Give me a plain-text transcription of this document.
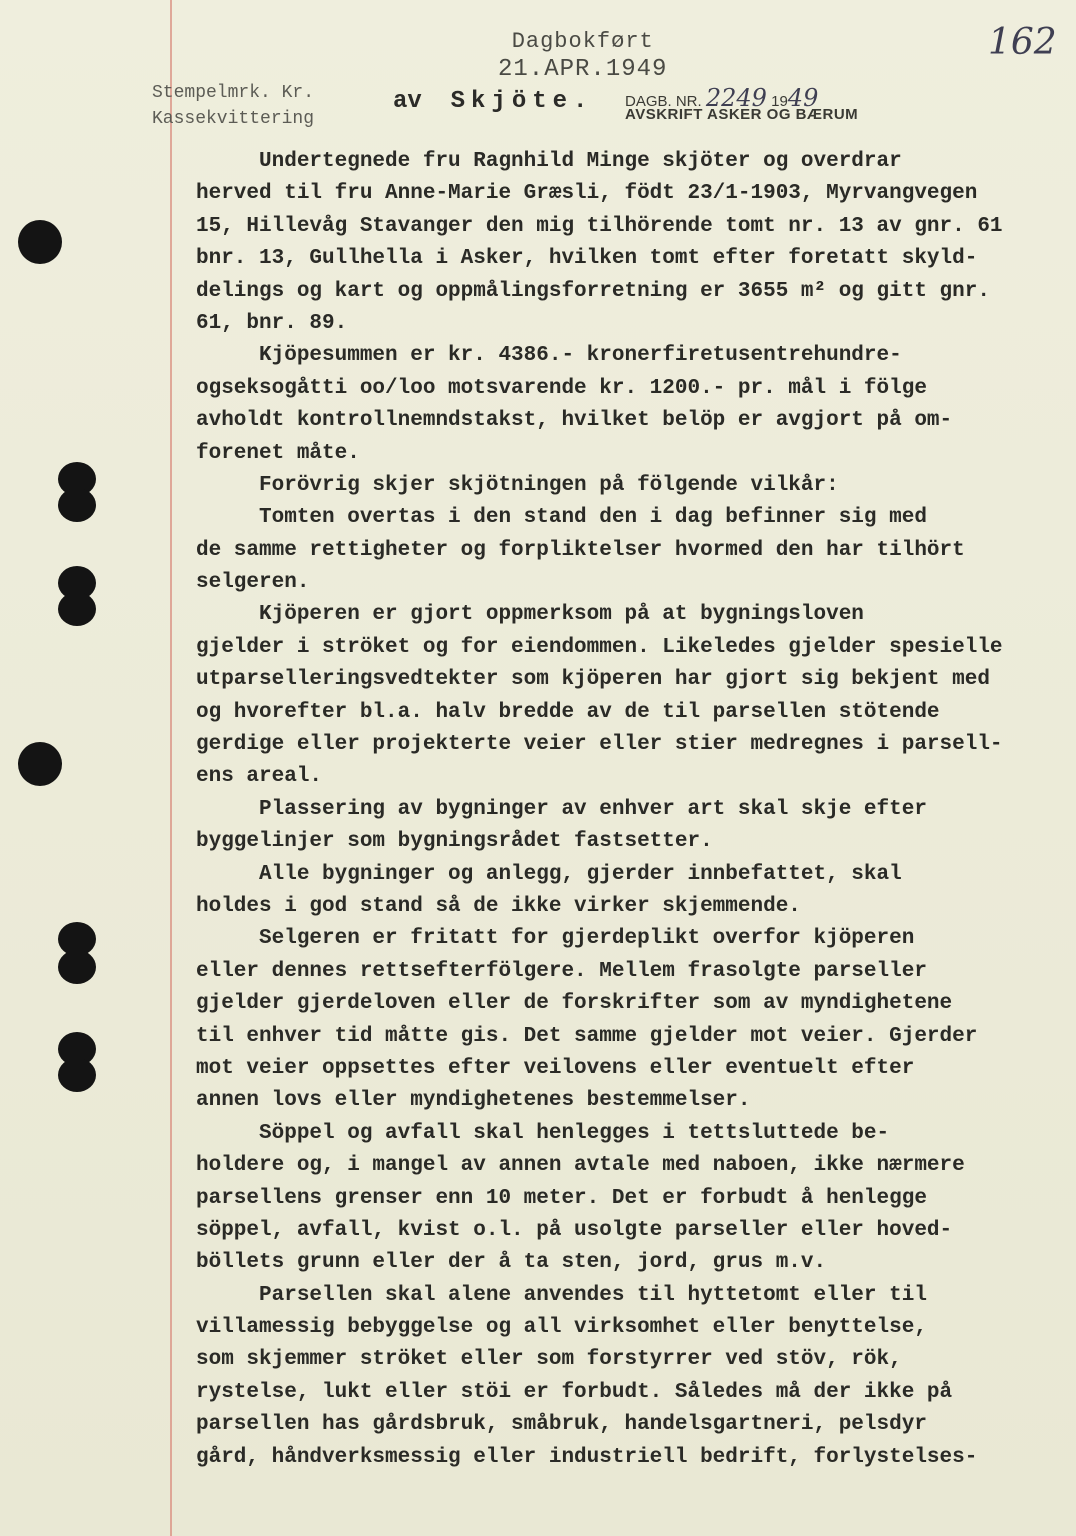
Dagbokført
21.APR.1949
DAGB. NR. 2249 1949
AVSKRIFT ASKER OG BÆRUM
162
Stempelmrk. Kr.
Kassekvittering
av Skjöte.
Undertegnede fru Ragnhild Minge skjöter og overdrar
herved til fru Anne-Marie Græsli, födt 23/1-1903, Myrvangvegen
15, Hillevåg Stavanger den mig tilhörende tomt nr. 13 av gnr. 61
bnr. 13, Gullhella i Asker, hvilken tomt efter foretatt skyld-
delings og kart og oppmålingsforretning er 3655 m² og gitt gnr.
61, bnr. 89.
Kjöpesummen er kr. 4386.- kronerfiretusentrehundre-
ogseksogåtti oo/loo motsvarende kr. 1200.- pr. mål i fölge
avholdt kontrollnemndstakst, hvilket belöp er avgjort på om-
forenet måte.
Forövrig skjer skjötningen på fölgende vilkår:
Tomten overtas i den stand den i dag befinner sig med
de samme rettigheter og forpliktelser hvormed den har tilhört
selgeren.
Kjöperen er gjort oppmerksom på at bygningsloven
gjelder i ströket og for eiendommen. Likeledes gjelder spesielle
utparselleringsvedtekter som kjöperen har gjort sig bekjent med
og hvorefter bl.a. halv bredde av de til parsellen stötende
gerdige eller projekterte veier eller stier medregnes i parsell-
ens areal.
Plassering av bygninger av enhver art skal skje efter
byggelinjer som bygningsrådet fastsetter.
Alle bygninger og anlegg, gjerder innbefattet, skal
holdes i god stand så de ikke virker skjemmende.
Selgeren er fritatt for gjerdeplikt overfor kjöperen
eller dennes rettsefterfölgere. Mellem frasolgte parseller
gjelder gjerdeloven eller de forskrifter som av myndighetene
til enhver tid måtte gis. Det samme gjelder mot veier. Gjerder
mot veier oppsettes efter veilovens eller eventuelt efter
annen lovs eller myndighetenes bestemmelser.
Söppel og avfall skal henlegges i tettsluttede be-
holdere og, i mangel av annen avtale med naboen, ikke nærmere
parsellens grenser enn 10 meter. Det er forbudt å henlegge
söppel, avfall, kvist o.l. på usolgte parseller eller hoved-
böllets grunn eller der å ta sten, jord, grus m.v.
Parsellen skal alene anvendes til hyttetomt eller til
villamessig bebyggelse og all virksomhet eller benyttelse,
som skjemmer ströket eller som forstyrrer ved stöv, rök,
rystelse, lukt eller stöi er forbudt. Således må der ikke på
parsellen has gårdsbruk, småbruk, handelsgartneri, pelsdyr
gård, håndverksmessig eller industriell bedrift, forlystelses-
